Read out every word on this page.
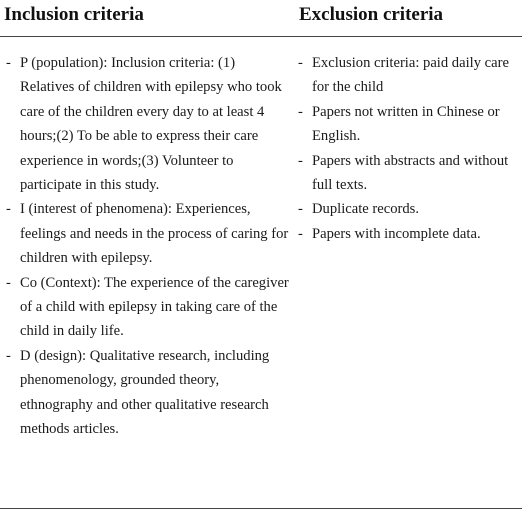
Inclusion criteria	Exclusion criteria
- P (population): Inclusion criteria: (1) Relatives of children with epilepsy who took care of the children every day to at least 4 hours;(2) To be able to express their care experience in words;(3) Volunteer to participate in this study.
- I (interest of phenomena): Experiences, feelings and needs in the process of caring for children with epilepsy.
- Co (Context): The experience of the caregiver of a child with epilepsy in taking care of the child in daily life.
- D (design): Qualitative research, including phenomenology, grounded theory, ethnography and other qualitative research methods articles.
- Exclusion criteria: paid daily care for the child
- Papers not written in Chinese or English.
- Papers with abstracts and without full texts.
- Duplicate records.
- Papers with incomplete data.
